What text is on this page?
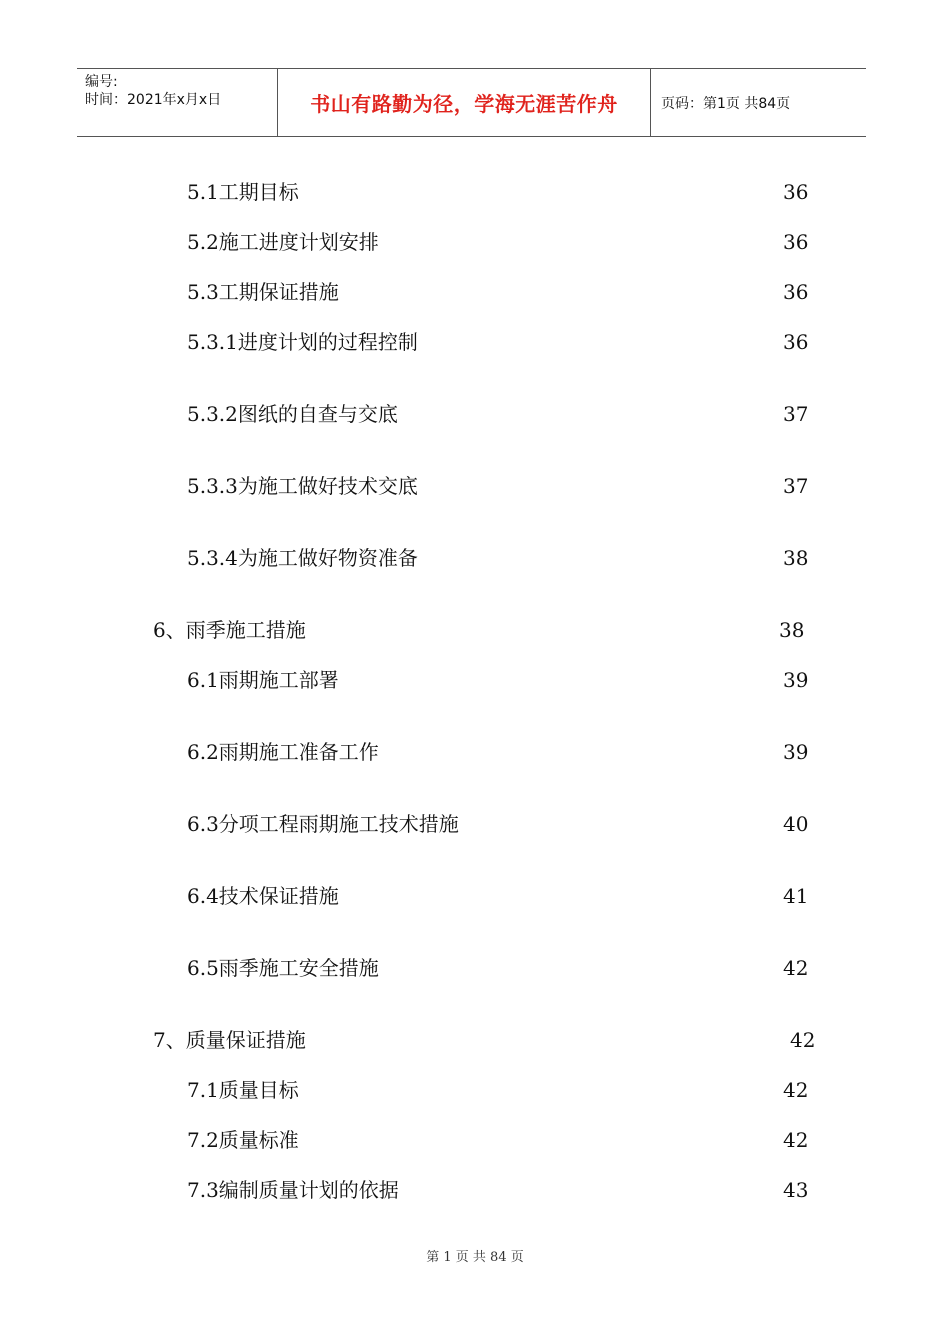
编号:
时间：2021年x月x日	书山有路勤为径，学海无涯苦作舟	页码：第1页 共84页
5.1工期目标	36
5.2施工进度计划安排	36
5.3工期保证措施	36
5.3.1进度计划的过程控制	36
5.3.2图纸的自查与交底	37
5.3.3为施工做好技术交底	37
5.3.4为施工做好物资准备	38
6、雨季施工措施	38
6.1雨期施工部署	39
6.2雨期施工准备工作	39
6.3分项工程雨期施工技术措施	40
6.4技术保证措施	41
6.5雨季施工安全措施	42
7、质量保证措施	42
7.1质量目标	42
7.2质量标准	42
7.3编制质量计划的依据	43
第 1 页 共 84 页
